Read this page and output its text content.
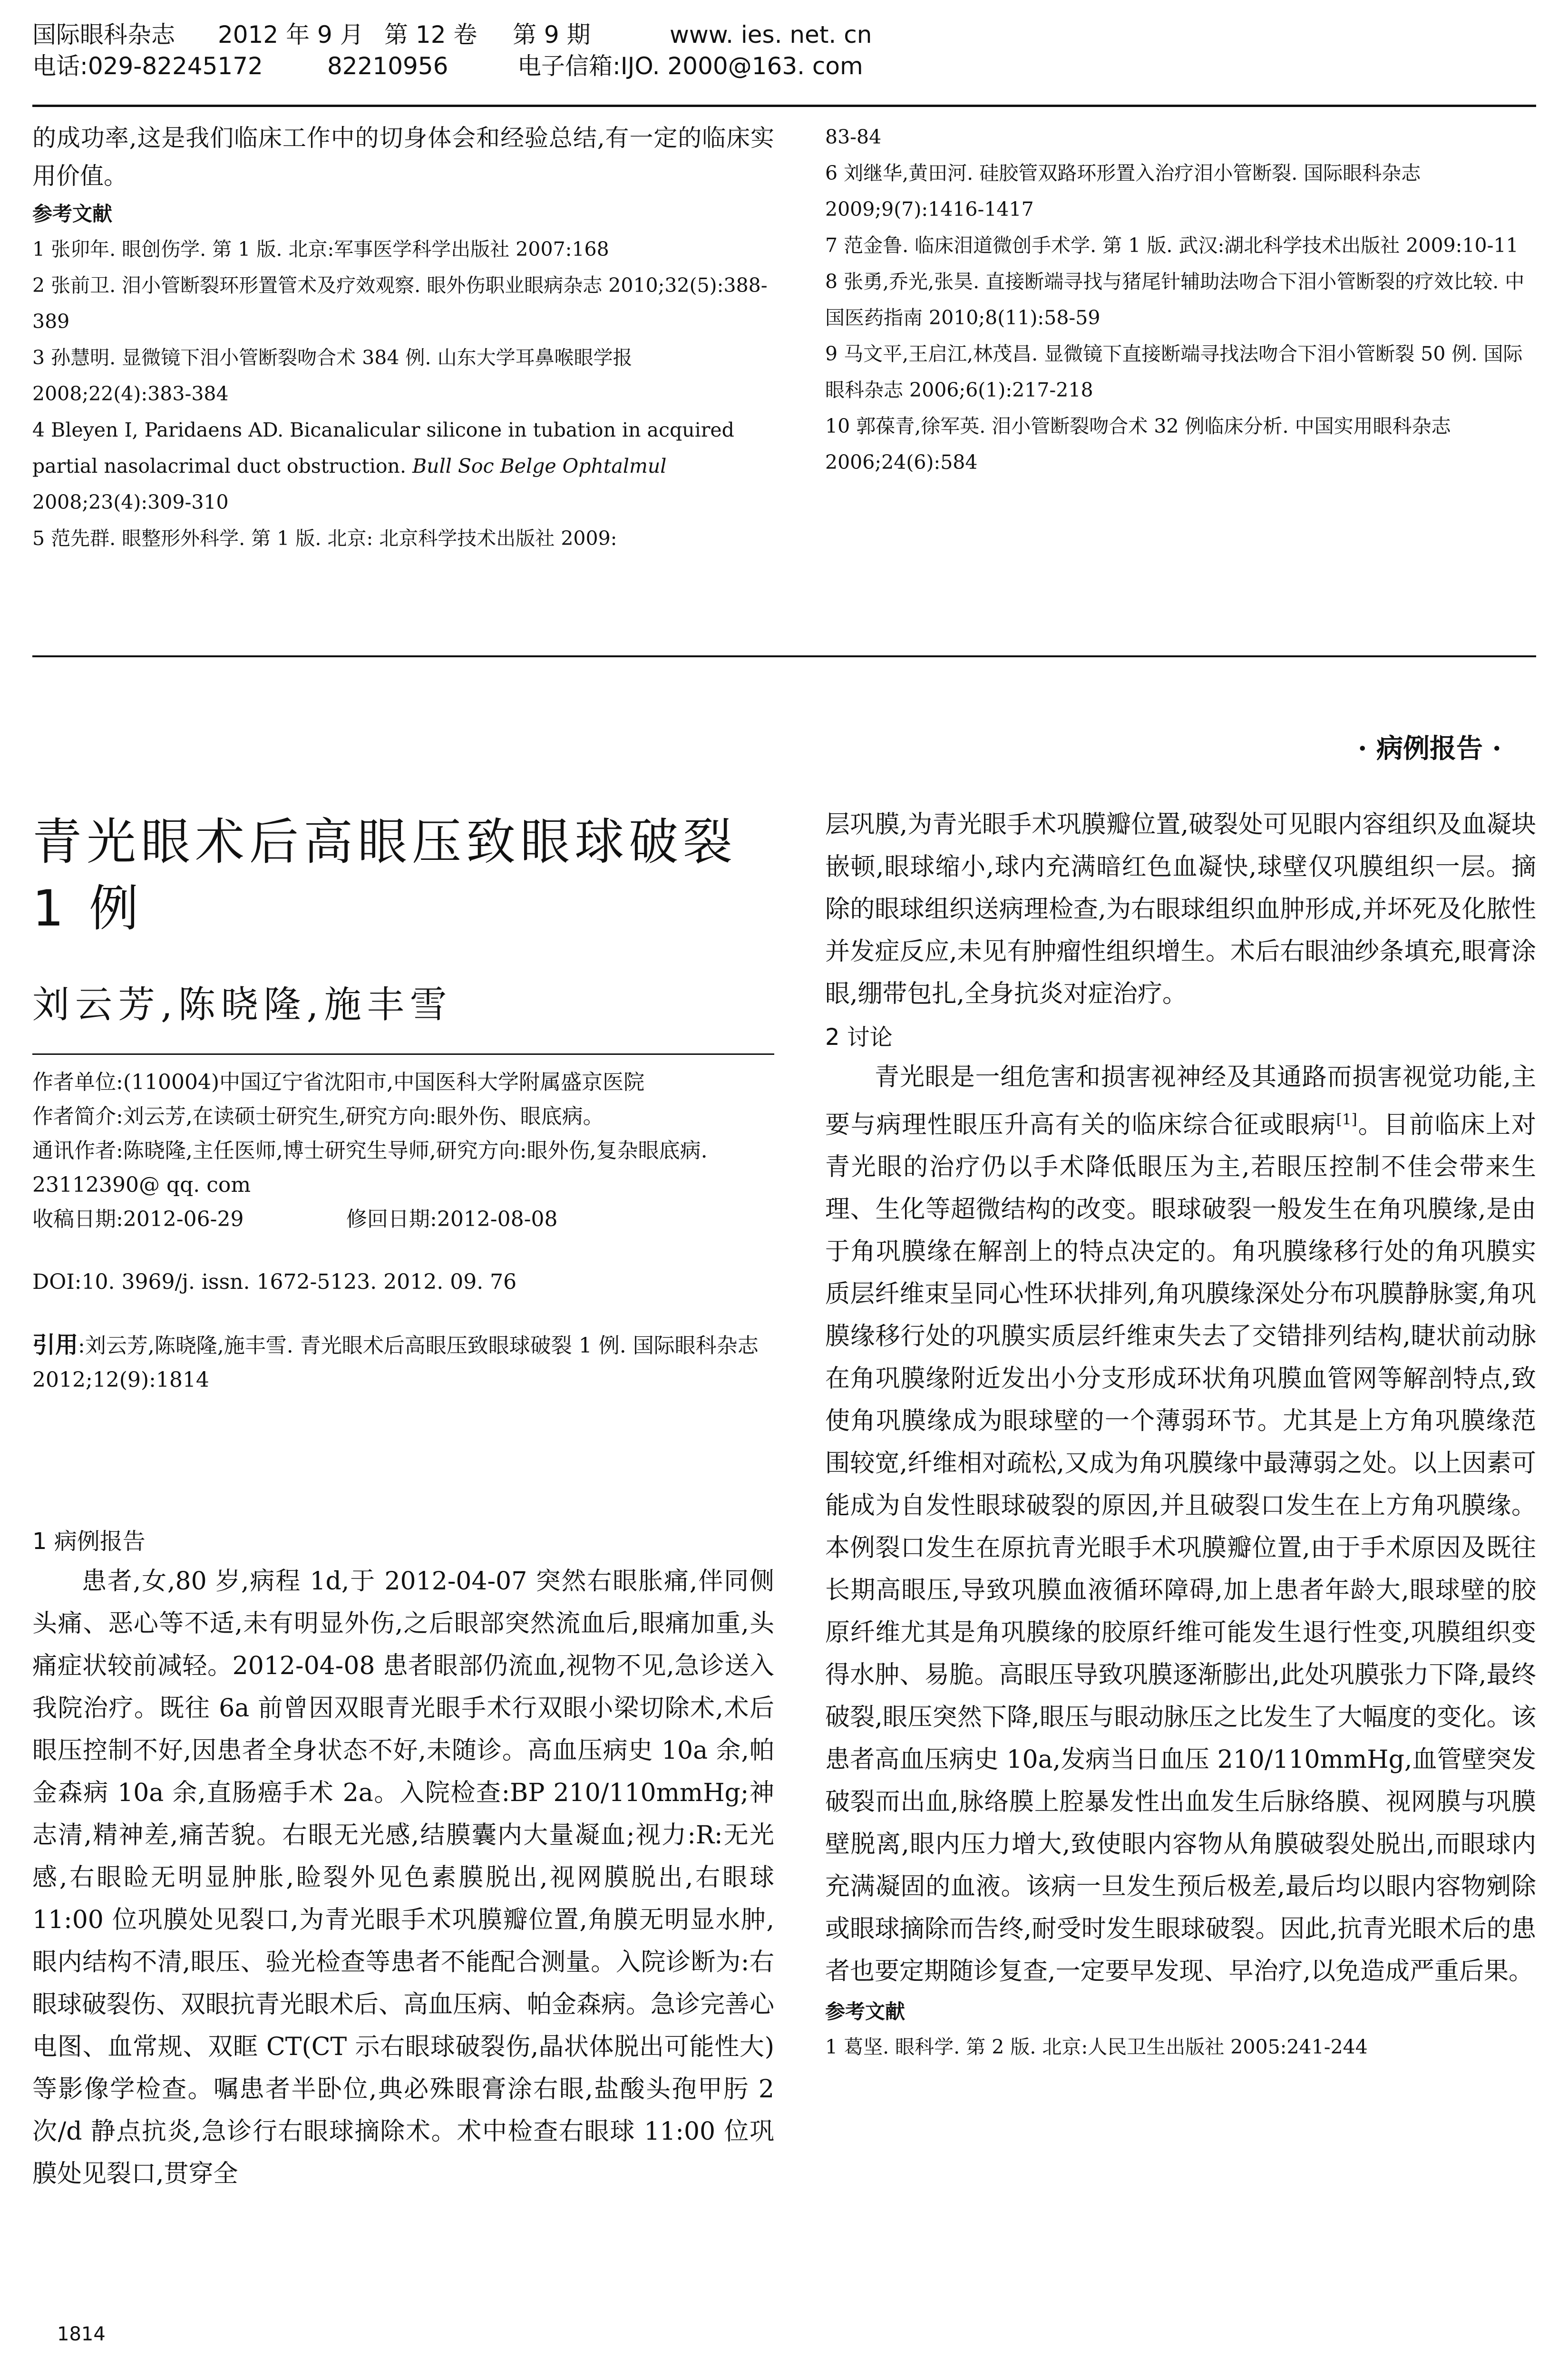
国际眼科杂志 2012 年 9 月 第 12 卷 第 9 期	www. ies. net. cn
电话:029-82245172	82210956	电子信箱:IJO. 2000@163. com

的成功率,这是我们临床工作中的切身体会和经验总结,有一定的临床实用价值。

参考文献

1 张卯年. 眼创伤学. 第 1 版. 北京:军事医学科学出版社 2007:168

2 张前卫. 泪小管断裂环形置管术及疗效观察. 眼外伤职业眼病杂志 2010;32(5):388-389

3 孙慧明. 显微镜下泪小管断裂吻合术 384 例. 山东大学耳鼻喉眼学报 2008;22(4):383-384

4 Bleyen I, Paridaens AD. Bicanalicular silicone in tubation in acquired partial nasolacrimal duct obstruction. Bull Soc Belge Ophtalmul 2008;23(4):309-310

5 范先群. 眼整形外科学. 第 1 版. 北京: 北京科学技术出版社 2009:

83-84

6 刘继华,黄田河. 硅胶管双路环形置入治疗泪小管断裂. 国际眼科杂志 2009;9(7):1416-1417

7 范金鲁. 临床泪道微创手术学. 第 1 版. 武汉:湖北科学技术出版社 2009:10-11

8 张勇,乔光,张昊. 直接断端寻找与猪尾针辅助法吻合下泪小管断裂的疗效比较. 中国医药指南 2010;8(11):58-59

9 马文平,王启江,林茂昌. 显微镜下直接断端寻找法吻合下泪小管断裂 50 例. 国际眼科杂志 2006;6(1):217-218

10 郭葆青,徐军英. 泪小管断裂吻合术 32 例临床分析. 中国实用眼科杂志 2006;24(6):584

· 病例报告 ·
青光眼术后高眼压致眼球破裂 1 例
刘云芳,陈晓隆,施丰雪

作者单位:(110004)中国辽宁省沈阳市,中国医科大学附属盛京医院

作者简介:刘云芳,在读硕士研究生,研究方向:眼外伤、眼底病。

通讯作者:陈晓隆,主任医师,博士研究生导师,研究方向:眼外伤,复杂眼底病. 23112390@ qq. com

收稿日期:2012-06-29	修回日期:2012-08-08

DOI:10. 3969/j. issn. 1672-5123. 2012. 09. 76

引用:刘云芳,陈晓隆,施丰雪. 青光眼术后高眼压致眼球破裂 1 例. 国际眼科杂志 2012;12(9):1814

1 病例报告

患者,女,80 岁,病程 1d,于 2012-04-07 突然右眼胀痛,伴同侧头痛、恶心等不适,未有明显外伤,之后眼部突然流血后,眼痛加重,头痛症状较前减轻。2012-04-08 患者眼部仍流血,视物不见,急诊送入我院治疗。既往 6a 前曾因双眼青光眼手术行双眼小梁切除术,术后眼压控制不好,因患者全身状态不好,未随诊。高血压病史 10a 余,帕金森病 10a 余,直肠癌手术 2a。入院检查:BP 210/110mmHg;神志清,精神差,痛苦貌。右眼无光感,结膜囊内大量凝血;视力:R:无光感,右眼睑无明显肿胀,睑裂外见色素膜脱出,视网膜脱出,右眼球 11:00 位巩膜处见裂口,为青光眼手术巩膜瓣位置,角膜无明显水肿,眼内结构不清,眼压、验光检查等患者不能配合测量。入院诊断为:右眼球破裂伤、双眼抗青光眼术后、高血压病、帕金森病。急诊完善心电图、血常规、双眶 CT(CT 示右眼球破裂伤,晶状体脱出可能性大)等影像学检查。嘱患者半卧位,典必殊眼膏涂右眼,盐酸头孢甲肟 2 次/d 静点抗炎,急诊行右眼球摘除术。术中检查右眼球 11:00 位巩膜处见裂口,贯穿全

层巩膜,为青光眼手术巩膜瓣位置,破裂处可见眼内容组织及血凝块嵌顿,眼球缩小,球内充满暗红色血凝快,球壁仅巩膜组织一层。摘除的眼球组织送病理检查,为右眼球组织血肿形成,并坏死及化脓性并发症反应,未见有肿瘤性组织增生。术后右眼油纱条填充,眼膏涂眼,绷带包扎,全身抗炎对症治疗。

2 讨论

青光眼是一组危害和损害视神经及其通路而损害视觉功能,主要与病理性眼压升高有关的临床综合征或眼病[1]。目前临床上对青光眼的治疗仍以手术降低眼压为主,若眼压控制不佳会带来生理、生化等超微结构的改变。眼球破裂一般发生在角巩膜缘,是由于角巩膜缘在解剖上的特点决定的。角巩膜缘移行处的角巩膜实质层纤维束呈同心性环状排列,角巩膜缘深处分布巩膜静脉窦,角巩膜缘移行处的巩膜实质层纤维束失去了交错排列结构,睫状前动脉在角巩膜缘附近发出小分支形成环状角巩膜血管网等解剖特点,致使角巩膜缘成为眼球壁的一个薄弱环节。尤其是上方角巩膜缘范围较宽,纤维相对疏松,又成为角巩膜缘中最薄弱之处。以上因素可能成为自发性眼球破裂的原因,并且破裂口发生在上方角巩膜缘。本例裂口发生在原抗青光眼手术巩膜瓣位置,由于手术原因及既往长期高眼压,导致巩膜血液循环障碍,加上患者年龄大,眼球壁的胶原纤维尤其是角巩膜缘的胶原纤维可能发生退行性变,巩膜组织变得水肿、易脆。高眼压导致巩膜逐渐膨出,此处巩膜张力下降,最终破裂,眼压突然下降,眼压与眼动脉压之比发生了大幅度的变化。该患者高血压病史 10a,发病当日血压 210/110mmHg,血管壁突发破裂而出血,脉络膜上腔暴发性出血发生后脉络膜、视网膜与巩膜壁脱离,眼内压力增大,致使眼内容物从角膜破裂处脱出,而眼球内充满凝固的血液。该病一旦发生预后极差,最后均以眼内容物剜除或眼球摘除而告终,耐受时发生眼球破裂。因此,抗青光眼术后的患者也要定期随诊复查,一定要早发现、早治疗,以免造成严重后果。

参考文献

1 葛坚. 眼科学. 第 2 版. 北京:人民卫生出版社 2005:241-244

1814
